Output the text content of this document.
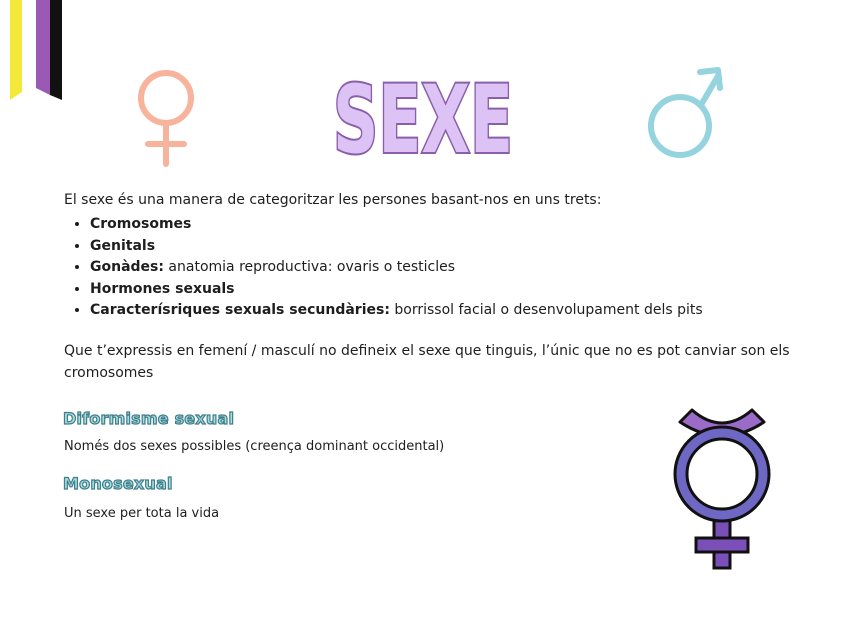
SEXE

El sexe és una manera de categoritzar les persones basant-nos en uns trets:

• Cromosomes
• Genitals
• Gonàdes: anatomia reproductiva: ovaris o testicles
• Hormones sexuals
• Caracterísriques sexuals secundàries: borrissol facial o desenvolupament dels pits

Que t’expressis en femení / masculí no defineix el sexe que tinguis, l’únic que no es pot canviar son els cromosomes

Diformisme sexual
Només dos sexes possibles (creença dominant occidental)
Monosexual
Un sexe per tota la vida
